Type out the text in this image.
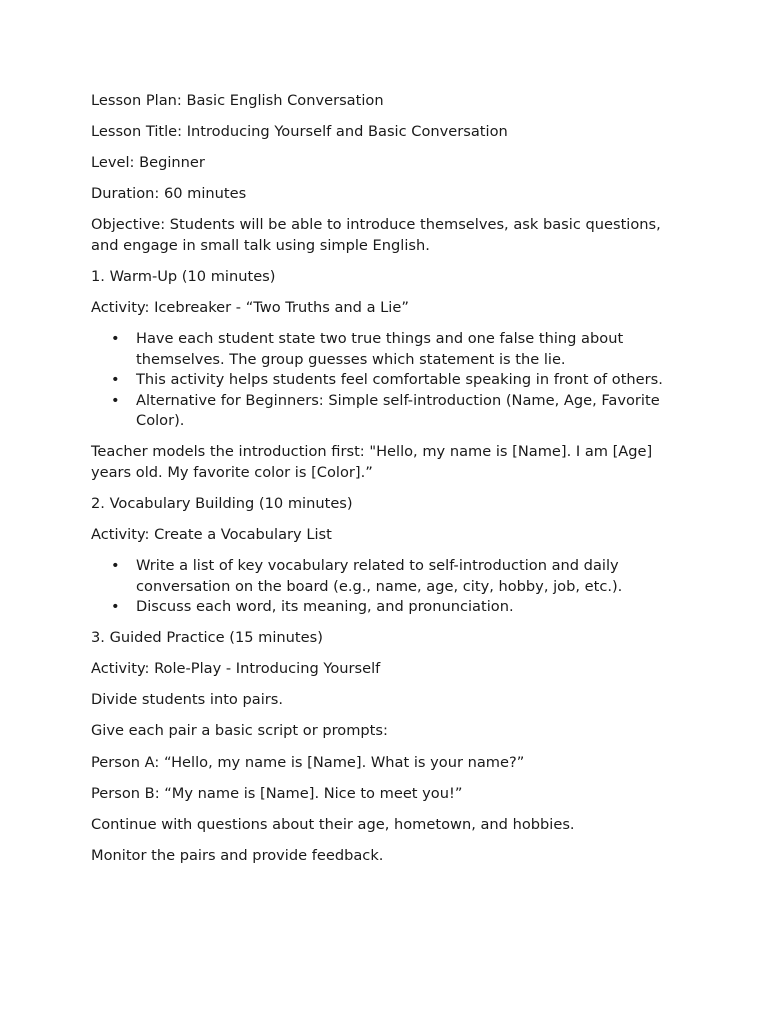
Lesson Plan: Basic English Conversation

Lesson Title: Introducing Yourself and Basic Conversation

Level: Beginner

Duration: 60 minutes

Objective: Students will be able to introduce themselves, ask basic questions, and engage in small talk using simple English.

1. Warm-Up (10 minutes)

Activity: Icebreaker - “Two Truths and a Lie”

• Have each student state two true things and one false thing about themselves. The group guesses which statement is the lie.
• This activity helps students feel comfortable speaking in front of others.
• Alternative for Beginners: Simple self-introduction (Name, Age, Favorite Color).

Teacher models the introduction first: "Hello, my name is [Name]. I am [Age] years old. My favorite color is [Color].”

2. Vocabulary Building (10 minutes)

Activity: Create a Vocabulary List

• Write a list of key vocabulary related to self-introduction and daily conversation on the board (e.g., name, age, city, hobby, job, etc.).
• Discuss each word, its meaning, and pronunciation.

3. Guided Practice (15 minutes)

Activity: Role-Play - Introducing Yourself

Divide students into pairs.

Give each pair a basic script or prompts:

Person A: “Hello, my name is [Name]. What is your name?”

Person B: “My name is [Name]. Nice to meet you!”

Continue with questions about their age, hometown, and hobbies.

Monitor the pairs and provide feedback.
